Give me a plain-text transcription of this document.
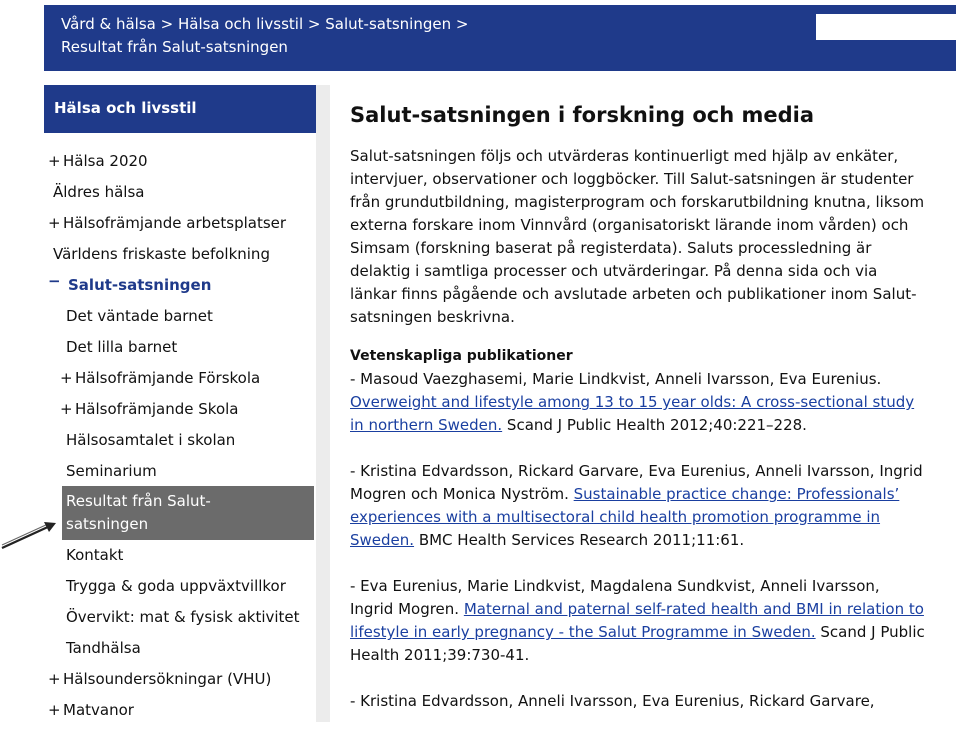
Vård & hälsa > Hälsa och livsstil > Salut-satsningen >
Resultat från Salut-satsningen
Hälsa och livsstil
+ Hälsa 2020
Äldres hälsa
+ Hälsofrämjande arbetsplatser
Världens friskaste befolkning
− Salut-satsningen
Det väntade barnet
Det lilla barnet
+ Hälsofrämjande Förskola
+ Hälsofrämjande Skola
Hälsosamtalet i skolan
Seminarium
Resultat från Salut-satsningen
Kontakt
Trygga & goda uppväxtvillkor
Övervikt: mat & fysisk aktivitet
Tandhälsa
+ Hälsoundersökningar (VHU)
+ Matvanor
Salut-satsningen i forskning och media

Salut-satsningen följs och utvärderas kontinuerligt med hjälp av enkäter, intervjuer, observationer och loggböcker. Till Salut-satsningen är studenter från grundutbildning, magisterprogram och forskarutbildning knutna, liksom externa forskare inom Vinnvård (organisatoriskt lärande inom vården) och Simsam (forskning baserat på registerdata). Saluts processledning är delaktig i samtliga processer och utvärderingar. På denna sida och via länkar finns pågående och avslutade arbeten och publikationer inom Salut-satsningen beskrivna.

Vetenskapliga publikationer

- Masoud Vaezghasemi, Marie Lindkvist, Anneli Ivarsson, Eva Eurenius.
Overweight and lifestyle among 13 to 15 year olds: A cross-sectional study in northern Sweden. Scand J Public Health 2012;40:221–228.

- Kristina Edvardsson, Rickard Garvare, Eva Eurenius, Anneli Ivarsson, Ingrid Mogren och Monica Nyström. Sustainable practice change: Professionals’ experiences with a multisectoral child health promotion programme in Sweden. BMC Health Services Research 2011;11:61.

- Eva Eurenius, Marie Lindkvist, Magdalena Sundkvist, Anneli Ivarsson, Ingrid Mogren. Maternal and paternal self-rated health and BMI in relation to lifestyle in early pregnancy - the Salut Programme in Sweden. Scand J Public Health 2011;39:730-41.

- Kristina Edvardsson, Anneli Ivarsson, Eva Eurenius, Rickard Garvare,
